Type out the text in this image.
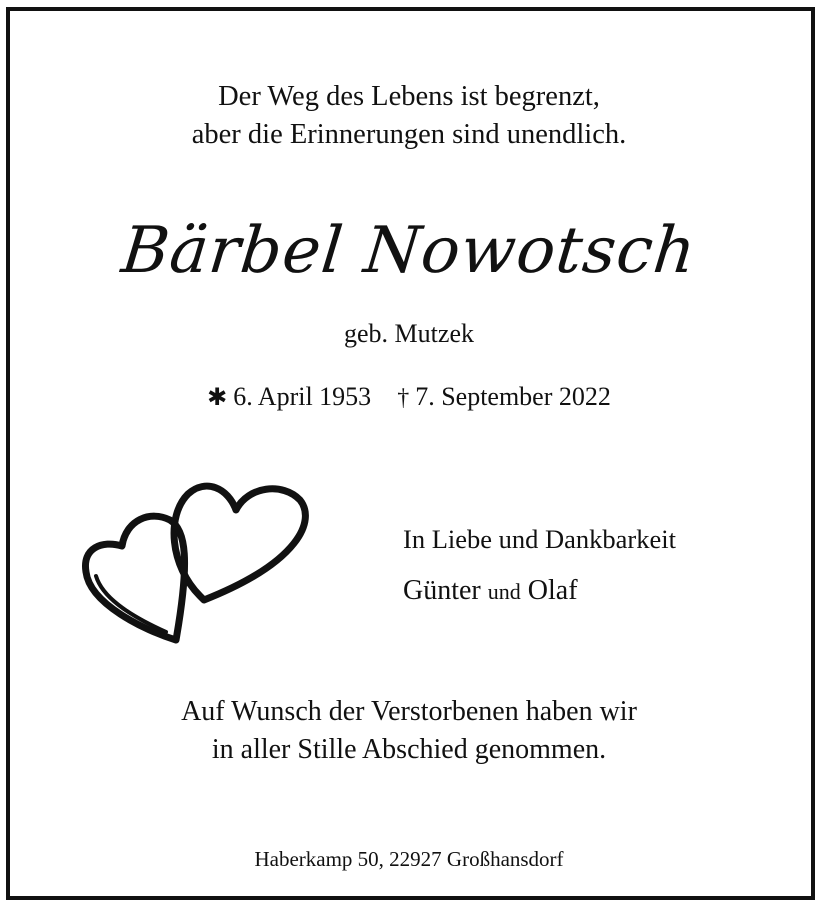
Der Weg des Lebens ist begrenzt,
aber die Erinnerungen sind unendlich.
Bärbel Nowotsch
geb. Mutzek
✱ 6. April 1953 † 7. September 2022
In Liebe und Dankbarkeit
Günter und Olaf
Auf Wunsch der Verstorbenen haben wir
in aller Stille Abschied genommen.
Haberkamp 50, 22927 Großhansdorf
